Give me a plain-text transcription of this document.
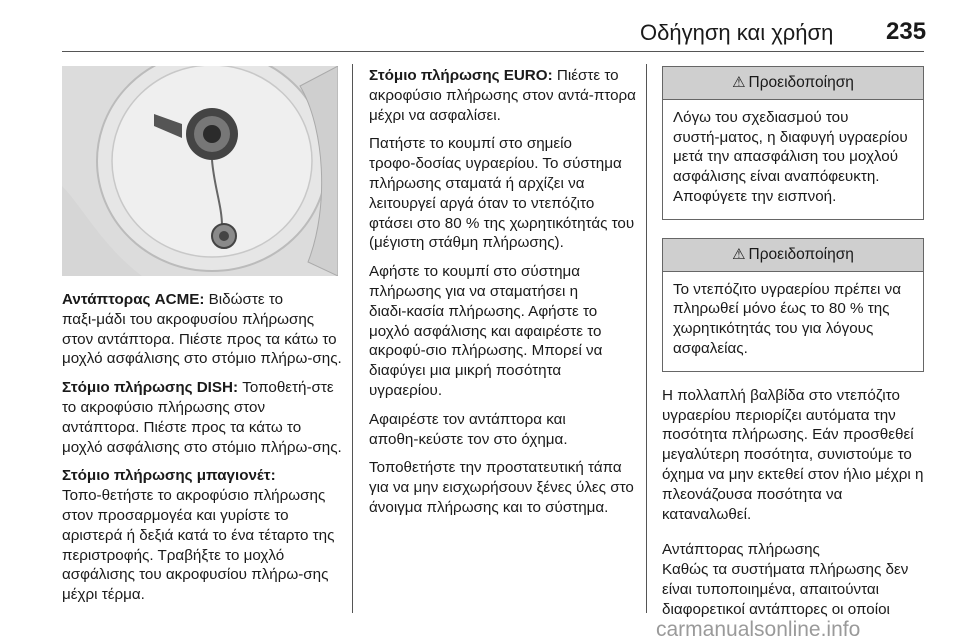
Οδήγηση και χρήση 235

Αντάπτορας ACME: Βιδώστε το παξι‑μάδι του ακροφυσίου πλήρωσης στον αντάπτορα. Πιέστε προς τα κάτω το μοχλό ασφάλισης στο στόμιο πλήρω‑σης.

Στόμιο πλήρωσης DISH: Τοποθετή‑στε το ακροφύσιο πλήρωσης στον αντάπτορα. Πιέστε προς τα κάτω το μοχλό ασφάλισης στο στόμιο πλήρω‑σης.

Στόμιο πλήρωσης μπαγιονέτ: Τοπο‑θετήστε το ακροφύσιο πλήρωσης στον προσαρμογέα και γυρίστε το αριστερά ή δεξιά κατά το ένα τέταρτο της περιστροφής. Τραβήξτε το μοχλό ασφάλισης του ακροφυσίου πλήρω‑σης μέχρι τέρμα.

Στόμιο πλήρωσης EURO: Πιέστε το ακροφύσιο πλήρωσης στον αντά‑πτορα μέχρι να ασφαλίσει.

Πατήστε το κουμπί στο σημείο τροφο‑δοσίας υγραερίου. Το σύστημα πλήρωσης σταματά ή αρχίζει να λειτουργεί αργά όταν το ντεπόζιτο φτάσει στο 80 % της χωρητικότητάς του (μέγιστη στάθμη πλήρωσης).

Αφήστε το κουμπί στο σύστημα πλήρωσης για να σταματήσει η διαδι‑κασία πλήρωσης. Αφήστε το μοχλό ασφάλισης και αφαιρέστε το ακροφύ‑σιο πλήρωσης. Μπορεί να διαφύγει μια μικρή ποσότητα υγραερίου.

Αφαιρέστε τον αντάπτορα και αποθη‑κεύστε τον στο όχημα.

Τοποθετήστε την προστατευτική τάπα για να μην εισχωρήσουν ξένες ύλες στο άνοιγμα πλήρωσης και το σύστημα.

⚠ Προειδοποίηση
Λόγω του σχεδιασμού του συστή‑ματος, η διαφυγή υγραερίου μετά την απασφάλιση του μοχλού ασφάλισης είναι αναπόφευκτη. Αποφύγετε την εισπνοή.
⚠ Προειδοποίηση
Το ντεπόζιτο υγραερίου πρέπει να πληρωθεί μόνο έως το 80 % της χωρητικότητάς του για λόγους ασφαλείας.

Η πολλαπλή βαλβίδα στο ντεπόζιτο υγραερίου περιορίζει αυτόματα την ποσότητα πλήρωσης. Εάν προσθεθεί μεγαλύτερη ποσότητα, συνιστούμε το όχημα να μην εκτεθεί στον ήλιο μέχρι η πλεονάζουσα ποσότητα να καταναλωθεί.

Αντάπτορας πλήρωσης

Καθώς τα συστήματα πλήρωσης δεν είναι τυποποιημένα, απαιτούνται διαφορετικοί αντάπτορες οι οποίοι

carmanualsonline.info
